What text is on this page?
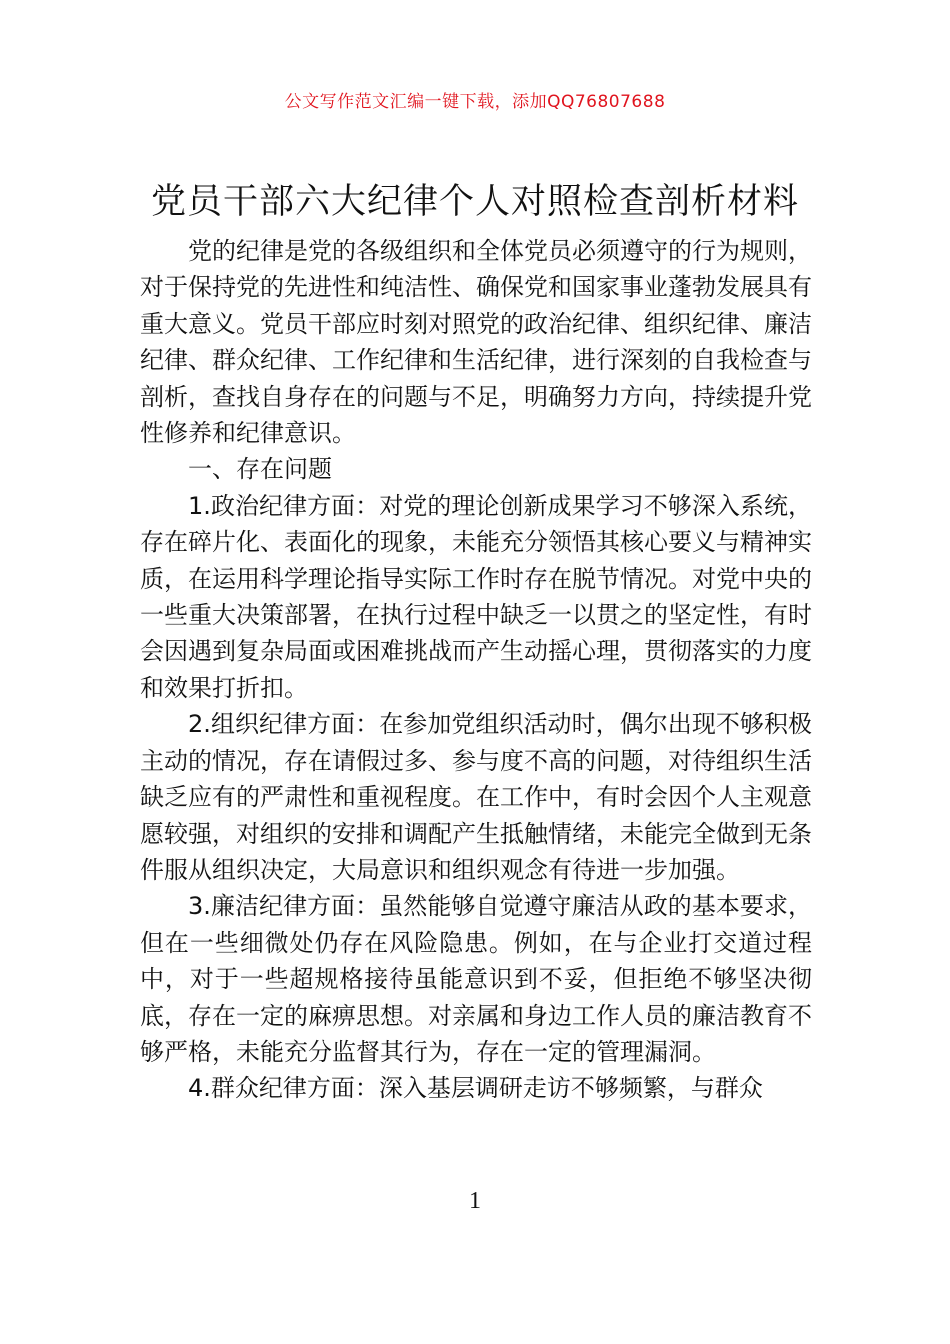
公文写作范文汇编一键下载，添加QQ76807688
党员干部六大纪律个人对照检查剖析材料

党的纪律是党的各级组织和全体党员必须遵守的行为规则，对于保持党的先进性和纯洁性、确保党和国家事业蓬勃发展具有重大意义。党员干部应时刻对照党的政治纪律、组织纪律、廉洁纪律、群众纪律、工作纪律和生活纪律，进行深刻的自我检查与剖析，查找自身存在的问题与不足，明确努力方向，持续提升党性修养和纪律意识。

一、存在问题

1.政治纪律方面：对党的理论创新成果学习不够深入系统，存在碎片化、表面化的现象，未能充分领悟其核心要义与精神实质，在运用科学理论指导实际工作时存在脱节情况。对党中央的一些重大决策部署，在执行过程中缺乏一以贯之的坚定性，有时会因遇到复杂局面或困难挑战而产生动摇心理，贯彻落实的力度和效果打折扣。

2.组织纪律方面：在参加党组织活动时，偶尔出现不够积极主动的情况，存在请假过多、参与度不高的问题，对待组织生活缺乏应有的严肃性和重视程度。在工作中，有时会因个人主观意愿较强，对组织的安排和调配产生抵触情绪，未能完全做到无条件服从组织决定，大局意识和组织观念有待进一步加强。

3.廉洁纪律方面：虽然能够自觉遵守廉洁从政的基本要求，但在一些细微处仍存在风险隐患。例如，在与企业打交道过程中，对于一些超规格接待虽能意识到不妥，但拒绝不够坚决彻底，存在一定的麻痹思想。对亲属和身边工作人员的廉洁教育不够严格，未能充分监督其行为，存在一定的管理漏洞。

4.群众纪律方面：深入基层调研走访不够频繁，与群众

1
